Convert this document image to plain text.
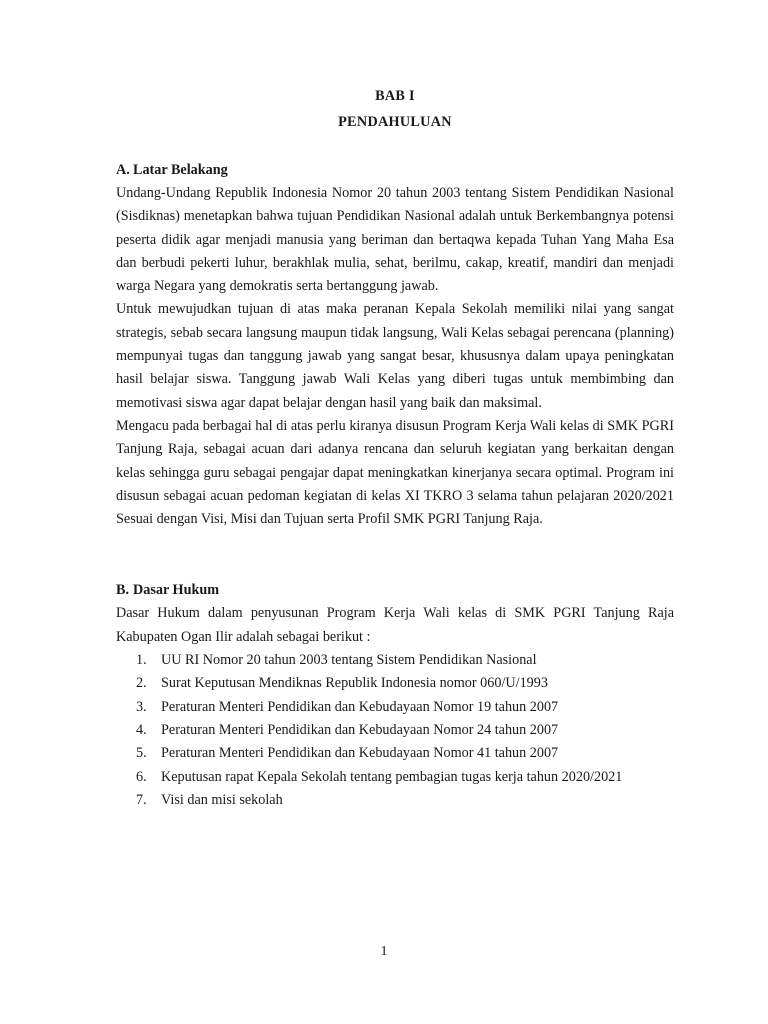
BAB I
PENDAHULUAN
A. Latar Belakang

Undang-Undang Republik Indonesia Nomor 20 tahun 2003 tentang Sistem Pendidikan Nasional (Sisdiknas) menetapkan bahwa tujuan Pendidikan Nasional adalah untuk Berkembangnya potensi peserta didik agar menjadi manusia yang beriman dan bertaqwa kepada Tuhan Yang Maha Esa dan berbudi pekerti luhur, berakhlak mulia, sehat, berilmu, cakap, kreatif, mandiri dan menjadi warga Negara yang demokratis serta bertanggung jawab.

Untuk mewujudkan tujuan di atas maka peranan Kepala Sekolah memiliki nilai yang sangat strategis, sebab secara langsung maupun tidak langsung, Wali Kelas sebagai perencana (planning) mempunyai tugas dan tanggung jawab yang sangat besar, khususnya dalam upaya peningkatan hasil belajar siswa. Tanggung jawab Wali Kelas yang diberi tugas untuk membimbing dan memotivasi siswa agar dapat belajar dengan hasil yang baik dan maksimal.

Mengacu pada berbagai hal di atas perlu kiranya disusun Program Kerja Wali kelas di SMK PGRI Tanjung Raja, sebagai acuan dari adanya rencana dan seluruh kegiatan yang berkaitan dengan kelas sehingga guru sebagai pengajar dapat meningkatkan kinerjanya secara optimal. Program ini disusun sebagai acuan pedoman kegiatan di kelas XI TKRO 3 selama tahun pelajaran 2020/2021 Sesuai dengan Visi, Misi dan Tujuan serta Profil SMK PGRI Tanjung Raja.

B. Dasar Hukum

Dasar Hukum dalam penyusunan Program Kerja Wali kelas di SMK PGRI Tanjung Raja Kabupaten Ogan Ilir adalah sebagai berikut :

1. UU RI Nomor 20 tahun 2003 tentang Sistem Pendidikan Nasional
2. Surat Keputusan Mendiknas Republik Indonesia nomor 060/U/1993
3. Peraturan Menteri Pendidikan dan Kebudayaan Nomor 19 tahun 2007
4. Peraturan Menteri Pendidikan dan Kebudayaan Nomor 24 tahun 2007
5. Peraturan Menteri Pendidikan dan Kebudayaan Nomor 41 tahun 2007
6. Keputusan rapat Kepala Sekolah tentang pembagian tugas kerja tahun 2020/2021
7. Visi dan misi sekolah
1
